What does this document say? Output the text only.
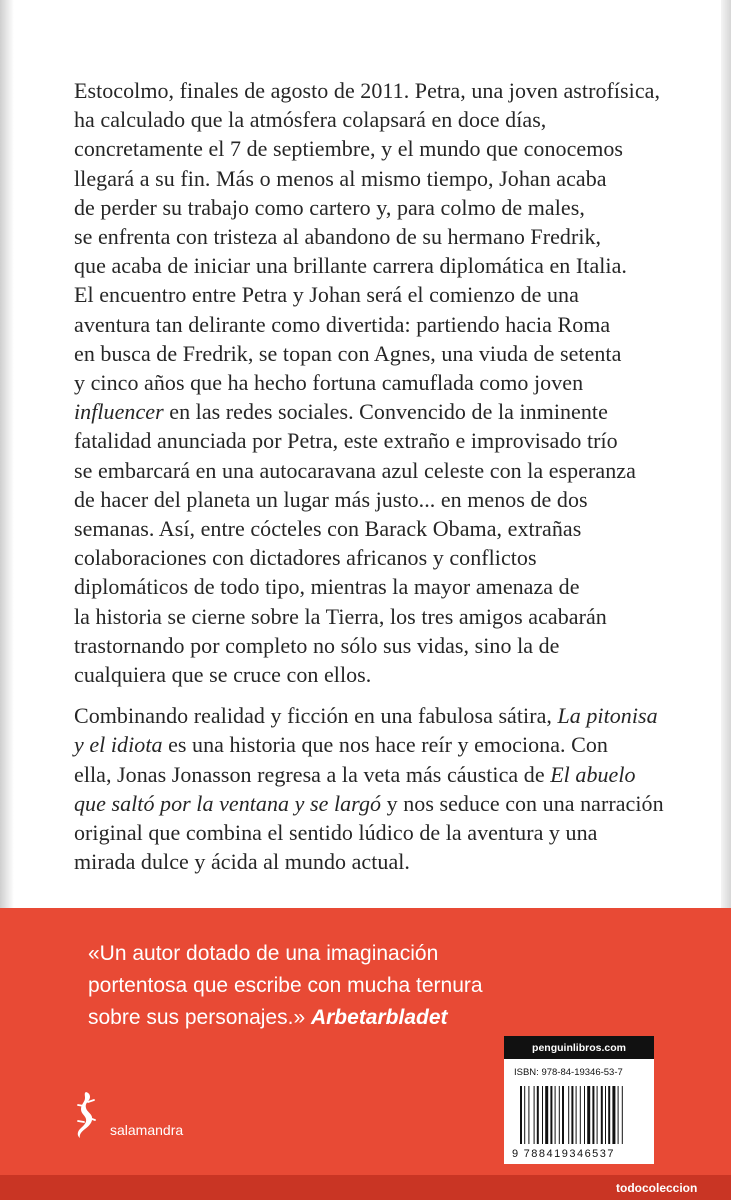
Estocolmo, finales de agosto de 2011. Petra, una joven astrofísica,
ha calculado que la atmósfera colapsará en doce días,
concretamente el 7 de septiembre, y el mundo que conocemos
llegará a su fin. Más o menos al mismo tiempo, Johan acaba
de perder su trabajo como cartero y, para colmo de males,
se enfrenta con tristeza al abandono de su hermano Fredrik,
que acaba de iniciar una brillante carrera diplomática en Italia.
El encuentro entre Petra y Johan será el comienzo de una
aventura tan delirante como divertida: partiendo hacia Roma
en busca de Fredrik, se topan con Agnes, una viuda de setenta
y cinco años que ha hecho fortuna camuflada como joven
influencer en las redes sociales. Convencido de la inminente
fatalidad anunciada por Petra, este extraño e improvisado trío
se embarcará en una autocaravana azul celeste con la esperanza
de hacer del planeta un lugar más justo... en menos de dos
semanas. Así, entre cócteles con Barack Obama, extrañas
colaboraciones con dictadores africanos y conflictos
diplomáticos de todo tipo, mientras la mayor amenaza de
la historia se cierne sobre la Tierra, los tres amigos acabarán
trastornando por completo no sólo sus vidas, sino la de
cualquiera que se cruce con ellos.

Combinando realidad y ficción en una fabulosa sátira, La pitonisa
y el idiota es una historia que nos hace reír y emociona. Con
ella, Jonas Jonasson regresa a la veta más cáustica de El abuelo
que saltó por la ventana y se largó y nos seduce con una narración
original que combina el sentido lúdico de la aventura y una
mirada dulce y ácida al mundo actual.

«Un autor dotado de una imaginación
portentosa que escribe con mucha ternura
sobre sus personajes.» Arbetarbladet
salamandra
penguinlibros.com
ISBN: 978-84-19346-53-7
9 788419346537
todocoleccion
